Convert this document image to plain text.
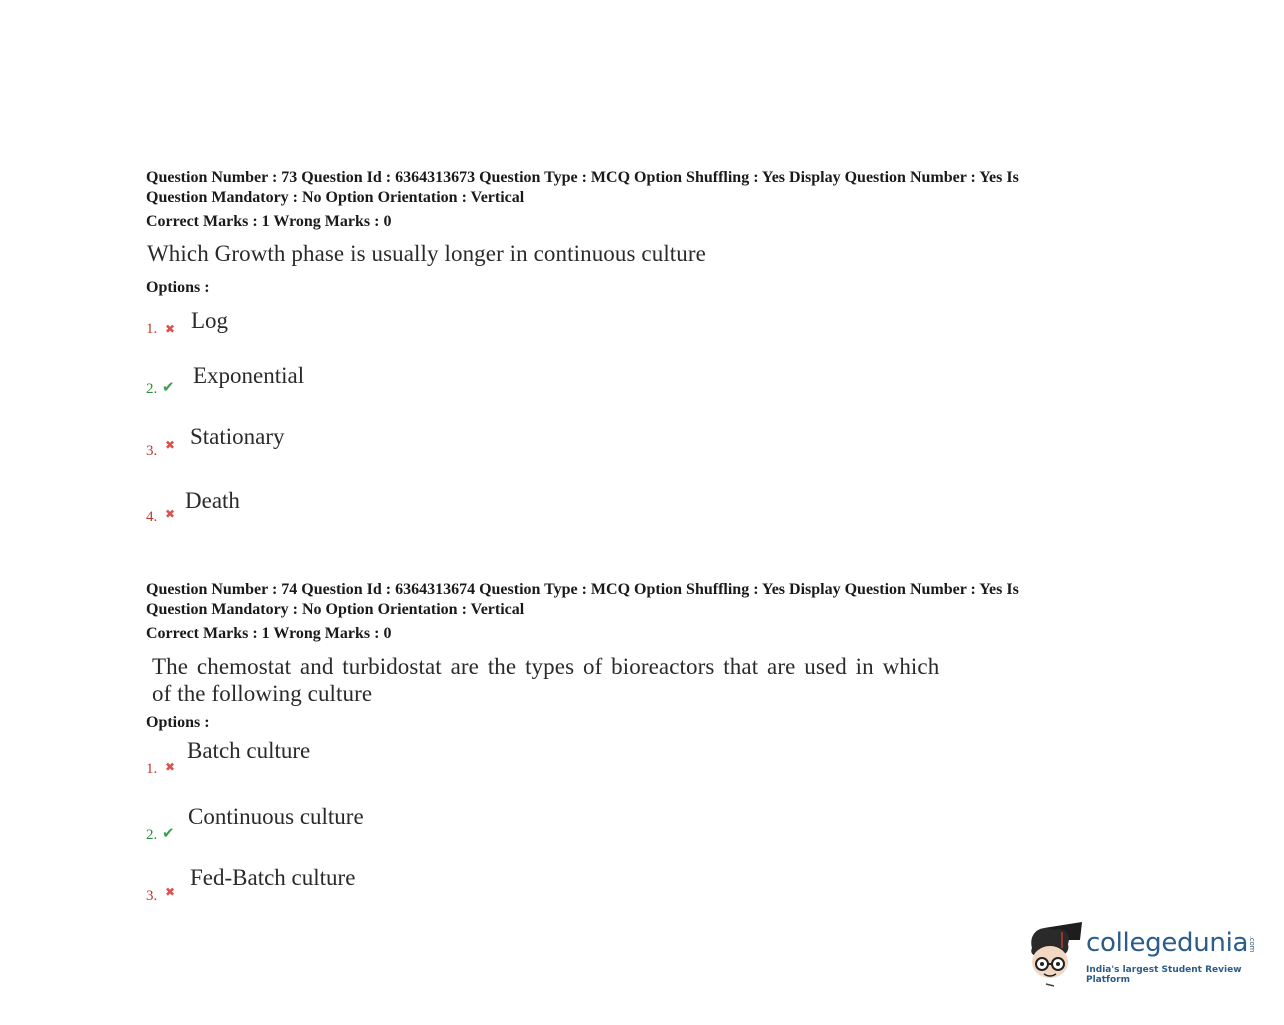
Question Number : 73 Question Id : 6364313673 Question Type : MCQ Option Shuffling : Yes Display Question Number : Yes Is
Question Mandatory : No Option Orientation : Vertical
Correct Marks : 1 Wrong Marks : 0
Which Growth phase is usually longer in continuous culture
Options :
1. ✖ Log
2. ✔ Exponential
3. ✖ Stationary
4. ✖
Death
Question Number : 74 Question Id : 6364313674 Question Type : MCQ Option Shuffling : Yes Display Question Number : Yes Is
Question Mandatory : No Option Orientation : Vertical
Correct Marks : 1 Wrong Marks : 0
The chemostat and turbidostat are the types of bioreactors that are used in which
of the following culture
Options :
1. ✖
Batch culture
2. ✔
Continuous culture
3. ✖
Fed-Batch culture
collegedunia.com
India's largest Student Review Platform
